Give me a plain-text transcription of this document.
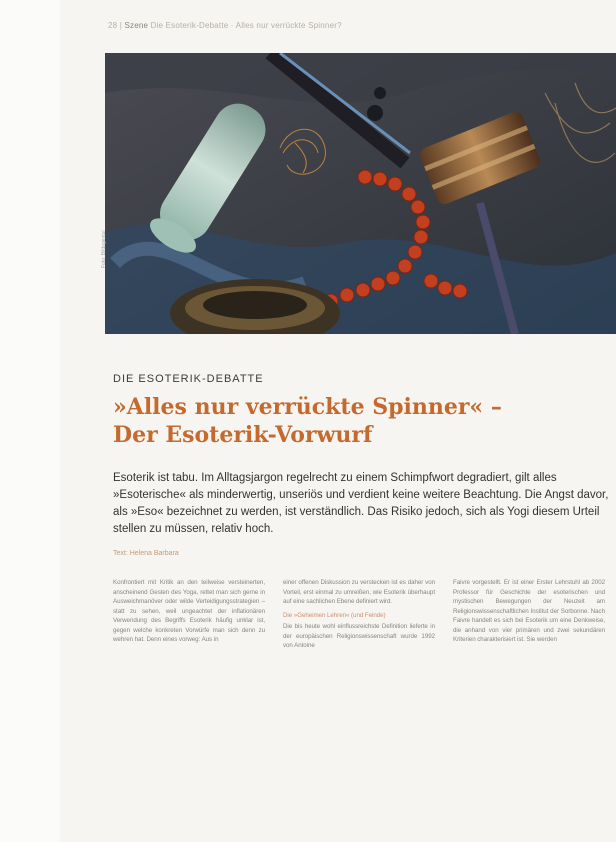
28 | Szene Die Esoterik-Debatte · Alles nur verrückte Spinner?
Foto: Bildagentur
DIE ESOTERIK-DEBATTE
»Alles nur verrückte Spinner« –
Der Esoterik-Vorwurf
Esoterik ist tabu. Im Alltagsjargon regelrecht zu einem Schimpfwort degradiert, gilt alles »Esoterische« als minderwertig, unseriös und verdient keine weitere Beachtung. Die Angst davor, als »Eso« bezeichnet zu werden, ist verständlich. Das Risiko jedoch, sich als Yogi diesem Urteil stellen zu müssen, relativ hoch.
Text: Helena Barbara
Konfrontiert mit Kritik an den teilweise versteinerten, anscheinend Gesten des Yoga, rettet man sich gerne in Ausweichmanöver oder wilde Verteidigungsstrategien – statt zu sehen, weil ungeachtet der inflationären Verwendung des Begriffs Esoterik häufig unklar ist, gegen welche konkreten Vorwürfe man sich denn zu wehren hat. Denn eines vorweg: Aus in
einer offenen Diskussion zu verstecken ist es daher von Vorteil, erst einmal zu umreißen, wie Esoterik überhaupt auf eine sachlichen Ebene definiert wird.
Die »Geheimen Lehren« (und Feinde)
Die bis heute wohl einflussreichste Definition lieferte in der europäischen Religionswissenschaft wurde 1992 von Antoine
Faivre vorgestellt. Er ist einer Erster Lehrstuhl ab 2002 Professor für Geschichte der esoterischen und mystischen Bewegungen der Neuzeit am Religionswissenschaftlichen Institut der Sorbonne. Nach Faivre handelt es sich bei Esoterik um eine Denkweise, die anhand von vier primären und zwei sekundären Kriterien charakterisiert ist. Sie werden
